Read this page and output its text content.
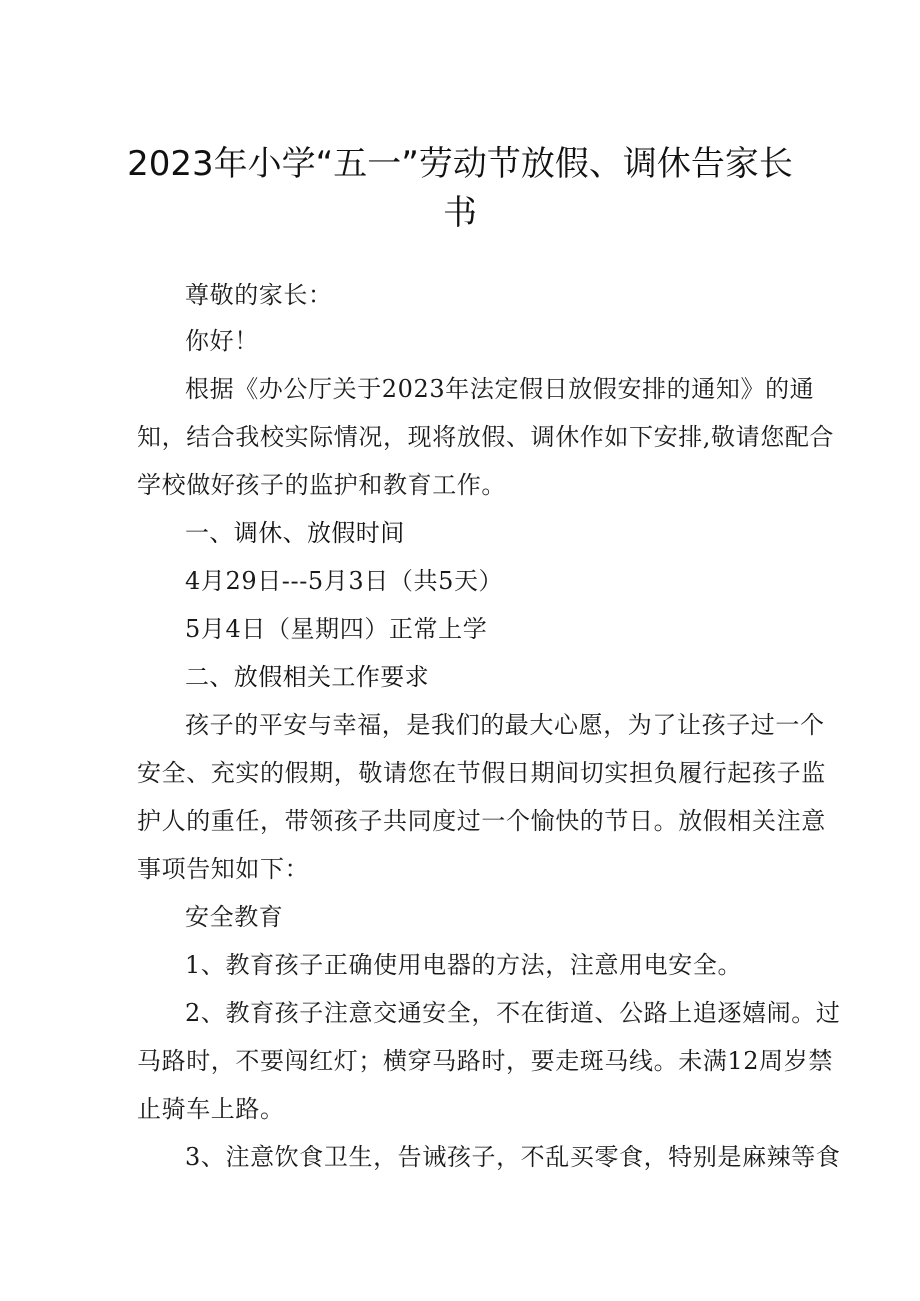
2023年小学“五一”劳动节放假、调休告家长
书
尊敬的家长：
你好！
根据《办公厅关于2023年法定假日放假安排的通知》的通
知，结合我校实际情况，现将放假、调休作如下安排,敬请您配合
学校做好孩子的监护和教育工作。
一、调休、放假时间
4月29日---5月3日（共5天）
5月4日（星期四）正常上学
二、放假相关工作要求
孩子的平安与幸福，是我们的最大心愿，为了让孩子过一个
安全、充实的假期，敬请您在节假日期间切实担负履行起孩子监
护人的重任，带领孩子共同度过一个愉快的节日。放假相关注意
事项告知如下：
安全教育
1、教育孩子正确使用电器的方法，注意用电安全。
2、教育孩子注意交通安全，不在街道、公路上追逐嬉闹。过
马路时，不要闯红灯；横穿马路时，要走斑马线。未满12周岁禁
止骑车上路。
3、注意饮食卫生，告诫孩子，不乱买零食，特别是麻辣等食
